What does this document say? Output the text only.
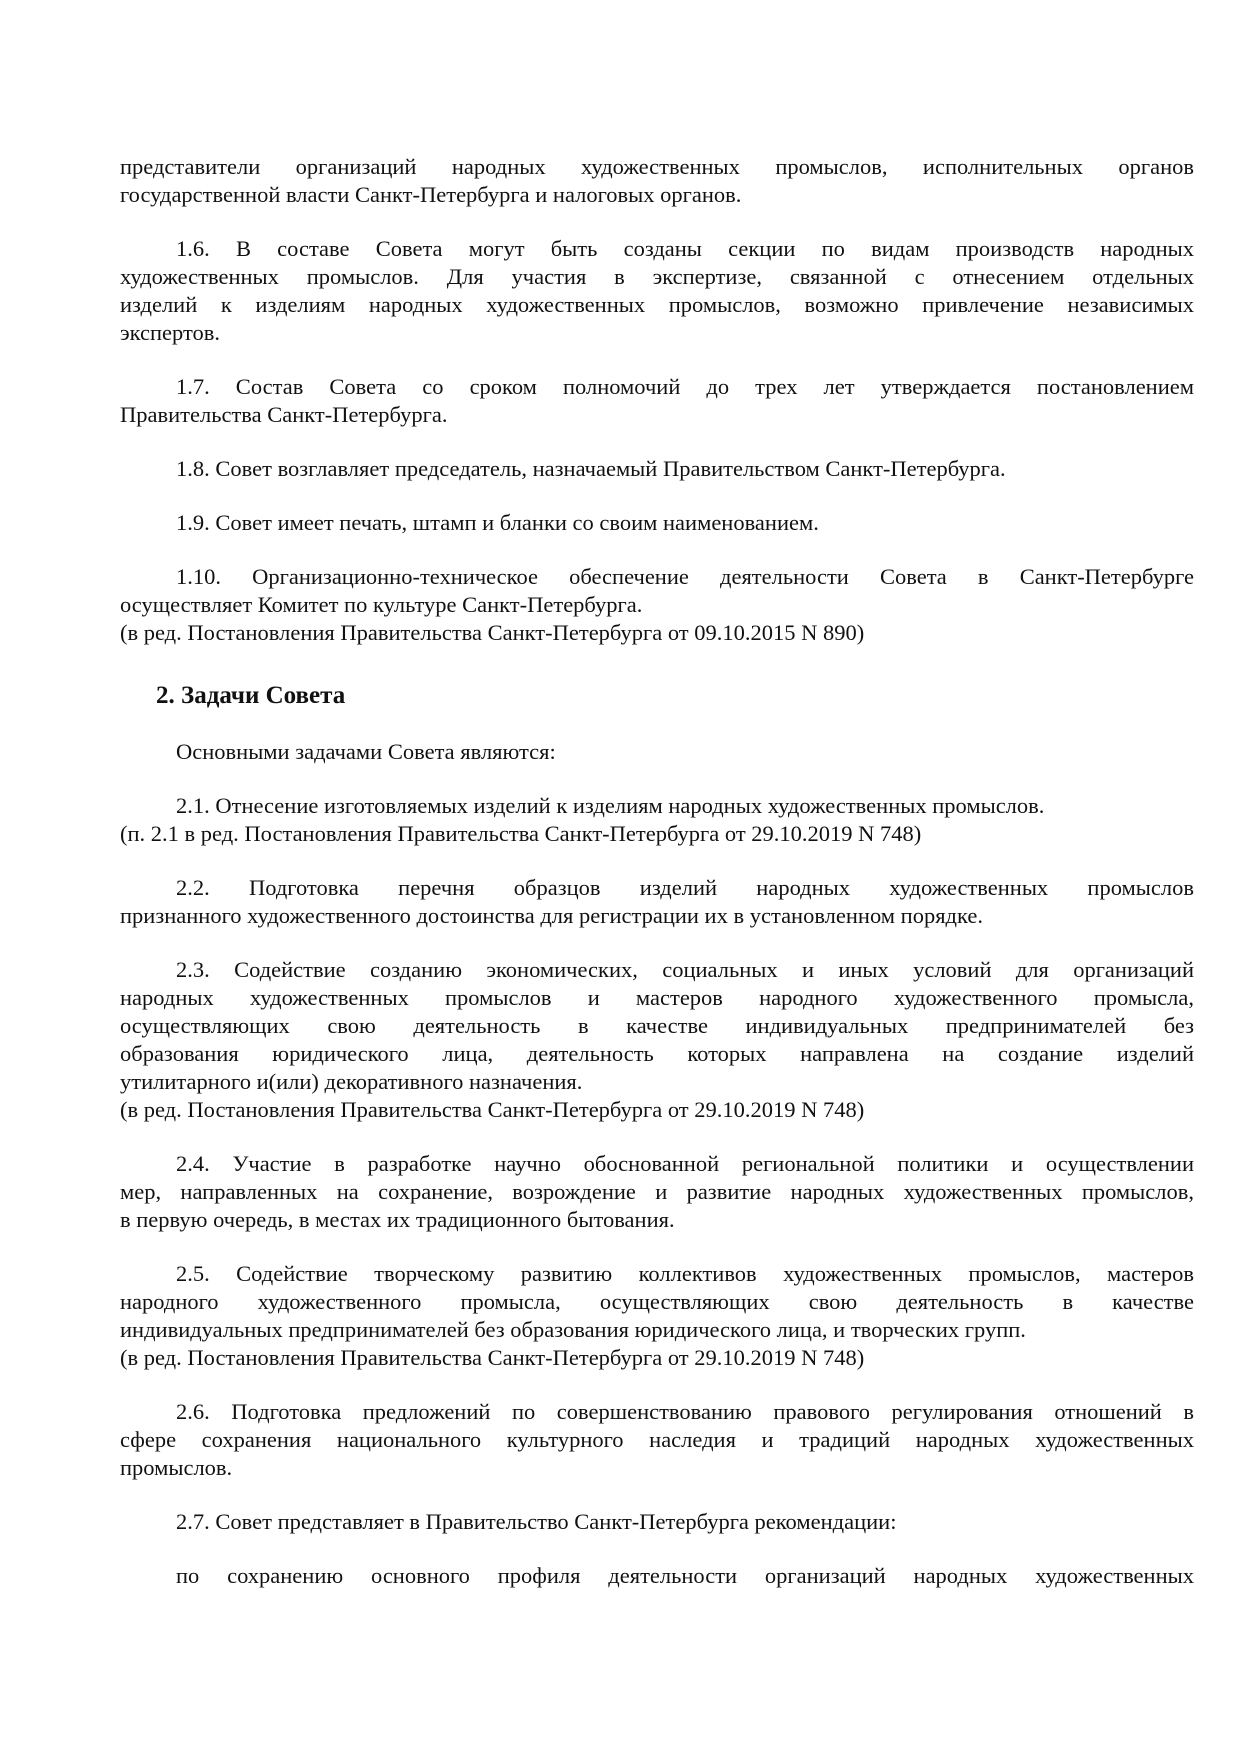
представители организаций народных художественных промыслов, исполнительных органов
государственной власти Санкт-Петербурга и налоговых органов.
1.6. В составе Совета могут быть созданы секции по видам производств народных
художественных промыслов. Для участия в экспертизе, связанной с отнесением отдельных
изделий к изделиям народных художественных промыслов, возможно привлечение независимых
экспертов.
1.7. Состав Совета со сроком полномочий до трех лет утверждается постановлением
Правительства Санкт-Петербурга.
1.8. Совет возглавляет председатель, назначаемый Правительством Санкт-Петербурга.
1.9. Совет имеет печать, штамп и бланки со своим наименованием.
1.10. Организационно-техническое обеспечение деятельности Совета в Санкт-Петербурге
осуществляет Комитет по культуре Санкт-Петербурга.
(в ред. Постановления Правительства Санкт-Петербурга от 09.10.2015 N 890)
2. Задачи Совета
Основными задачами Совета являются:
2.1. Отнесение изготовляемых изделий к изделиям народных художественных промыслов.
(п. 2.1 в ред. Постановления Правительства Санкт-Петербурга от 29.10.2019 N 748)
2.2. Подготовка перечня образцов изделий народных художественных промыслов
признанного художественного достоинства для регистрации их в установленном порядке.
2.3. Содействие созданию экономических, социальных и иных условий для организаций
народных художественных промыслов и мастеров народного художественного промысла,
осуществляющих свою деятельность в качестве индивидуальных предпринимателей без
образования юридического лица, деятельность которых направлена на создание изделий
утилитарного и(или) декоративного назначения.
(в ред. Постановления Правительства Санкт-Петербурга от 29.10.2019 N 748)
2.4. Участие в разработке научно обоснованной региональной политики и осуществлении
мер, направленных на сохранение, возрождение и развитие народных художественных промыслов,
в первую очередь, в местах их традиционного бытования.
2.5. Содействие творческому развитию коллективов художественных промыслов, мастеров
народного художественного промысла, осуществляющих свою деятельность в качестве
индивидуальных предпринимателей без образования юридического лица, и творческих групп.
(в ред. Постановления Правительства Санкт-Петербурга от 29.10.2019 N 748)
2.6. Подготовка предложений по совершенствованию правового регулирования отношений в
сфере сохранения национального культурного наследия и традиций народных художественных
промыслов.
2.7. Совет представляет в Правительство Санкт-Петербурга рекомендации:
по сохранению основного профиля деятельности организаций народных художественных
